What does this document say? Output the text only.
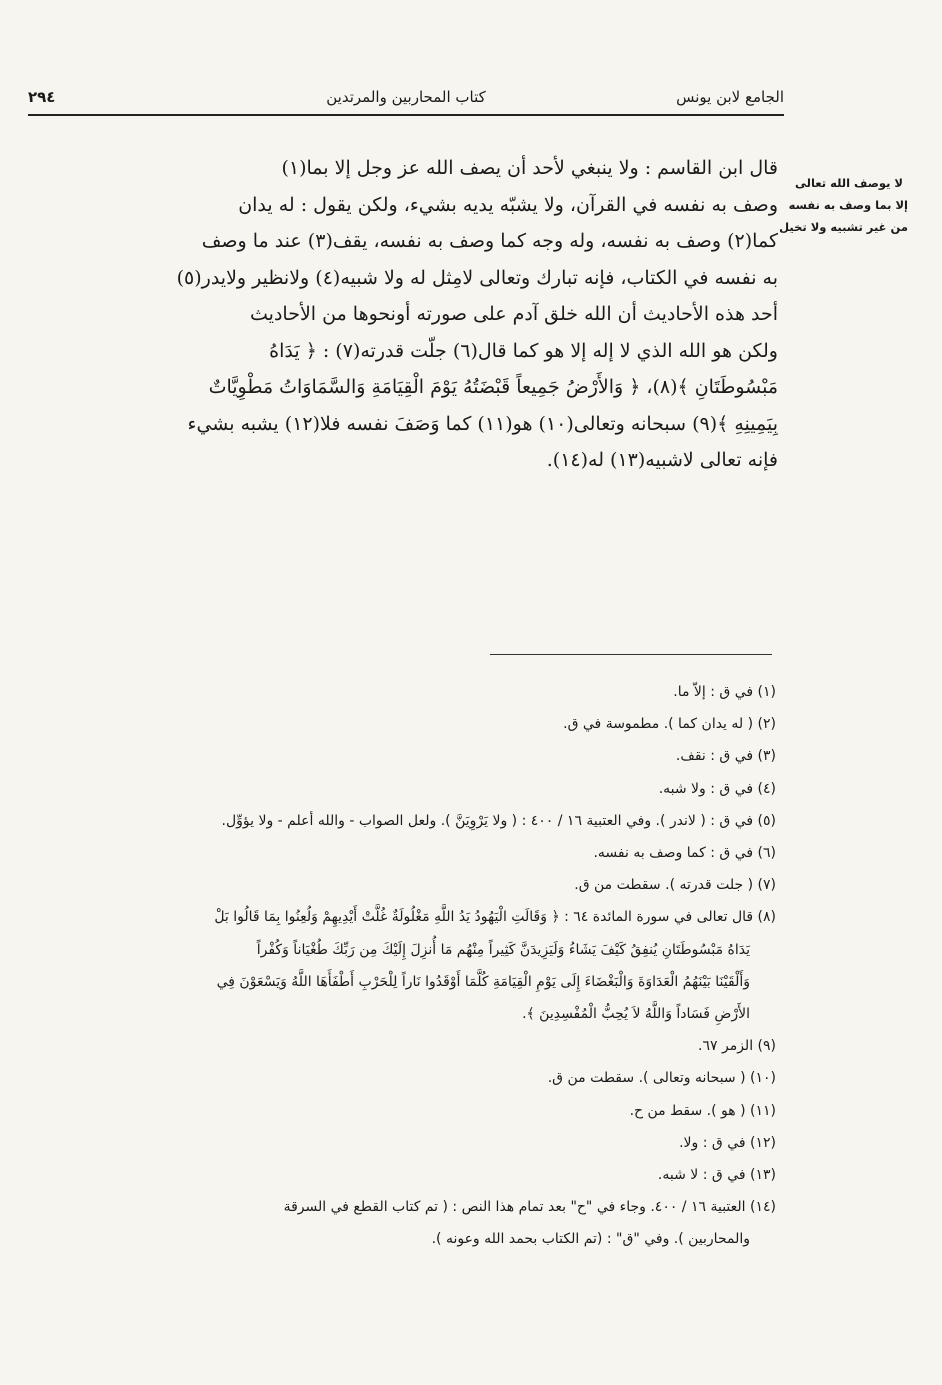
الجامع لابن يونس
كتاب المحاربين والمرتدين
٢٩٤
لا يوصف الله تعالى
إلا بما وصف به نفسه
من غير تشبيه ولا تخيل
قال ابن القاسم : ولا ينبغي لأحد أن يصف الله عز وجل إلا بما(١)
وصف به نفسه في القرآن، ولا يشبّه يديه بشيء، ولكن يقول : له يدان
كما(٢) وصف به نفسه، وله وجه كما وصف به نفسه، يقف(٣) عند ما وصف
به نفسه في الكتاب، فإنه تبارك وتعالى لامِثل له ولا شبيه(٤) ولانظير ولايدر(٥)
أحد هذه الأحاديث أن الله خلق آدم على صورته أونحوها من الأحاديث
ولكن هو الله الذي لا إله إلا هو كما قال(٦) جلّت قدرته(٧) : ﴿ يَدَاهُ
مَبْسُوطَتَانِ ﴾(٨)، ﴿ وَالأَرْضُ جَمِيعاً قَبْضَتُهُ يَوْمَ الْقِيَامَةِ وَالسَّمَاوَاتُ مَطْوِيَّاتٌ
بِيَمِينِهِ ﴾(٩) سبحانه وتعالى(١٠) هو(١١) كما وَصَفَ نفسه فلا(١٢) يشبه بشيء
فإنه تعالى لاشبيه(١٣) له(١٤).
(١) في ق : إلاّ ما.
(٢) ( له يدان كما ). مطموسة في ق.
(٣) في ق : نقف.
(٤) في ق : ولا شبه.
(٥) في ق : ( لاندر ). وفي العتبية ١٦ / ٤٠٠ : ( ولا يَرْوِيَنَّ ). ولعل الصواب - والله أعلم - ولا يؤوِّل.
(٦) في ق : كما وصف به نفسه.
(٧) ( جلت قدرته ). سقطت من ق.
(٨) قال تعالى في سورة المائدة ٦٤ : ﴿ وَقَالَتِ الْيَهُودُ يَدُ اللَّهِ مَغْلُولَةٌ غُلَّتْ أَيْدِيهِمْ وَلُعِنُوا بِمَا قَالُوا بَلْ
يَدَاهُ مَبْسُوطَتَانِ يُنفِقُ كَيْفَ يَشَاءُ وَلَيَزِيدَنَّ كَثِيراً مِنْهُم مَا أُنزِلَ إِلَيْكَ مِن رَبِّكَ طُغْيَاناً وَكُفْراً
وَأَلْقَيْنَا بَيْنَهُمُ الْعَدَاوَةَ وَالْبَغْضَاءَ إِلَى يَوْمِ الْقِيَامَةِ كُلَّمَا أَوْقَدُوا نَاراً لِلْحَرْبِ أَطْفَأَهَا اللَّهُ وَيَسْعَوْنَ فِي
الأَرْضِ فَسَاداً وَاللَّهُ لاَ يُحِبُّ الْمُفْسِدِينَ ﴾.
(٩) الزمر ٦٧.
(١٠) ( سبحانه وتعالى ). سقطت من ق.
(١١) ( هو ). سقط من ح.
(١٢) في ق : ولا.
(١٣) في ق : لا شبه.
(١٤) العتبية ١٦ / ٤٠٠. وجاء في "ح" بعد تمام هذا النص : ( تم كتاب القطع في السرقة
والمحاربين ). وفي "ق" : (تم الكتاب بحمد الله وعونه ).
